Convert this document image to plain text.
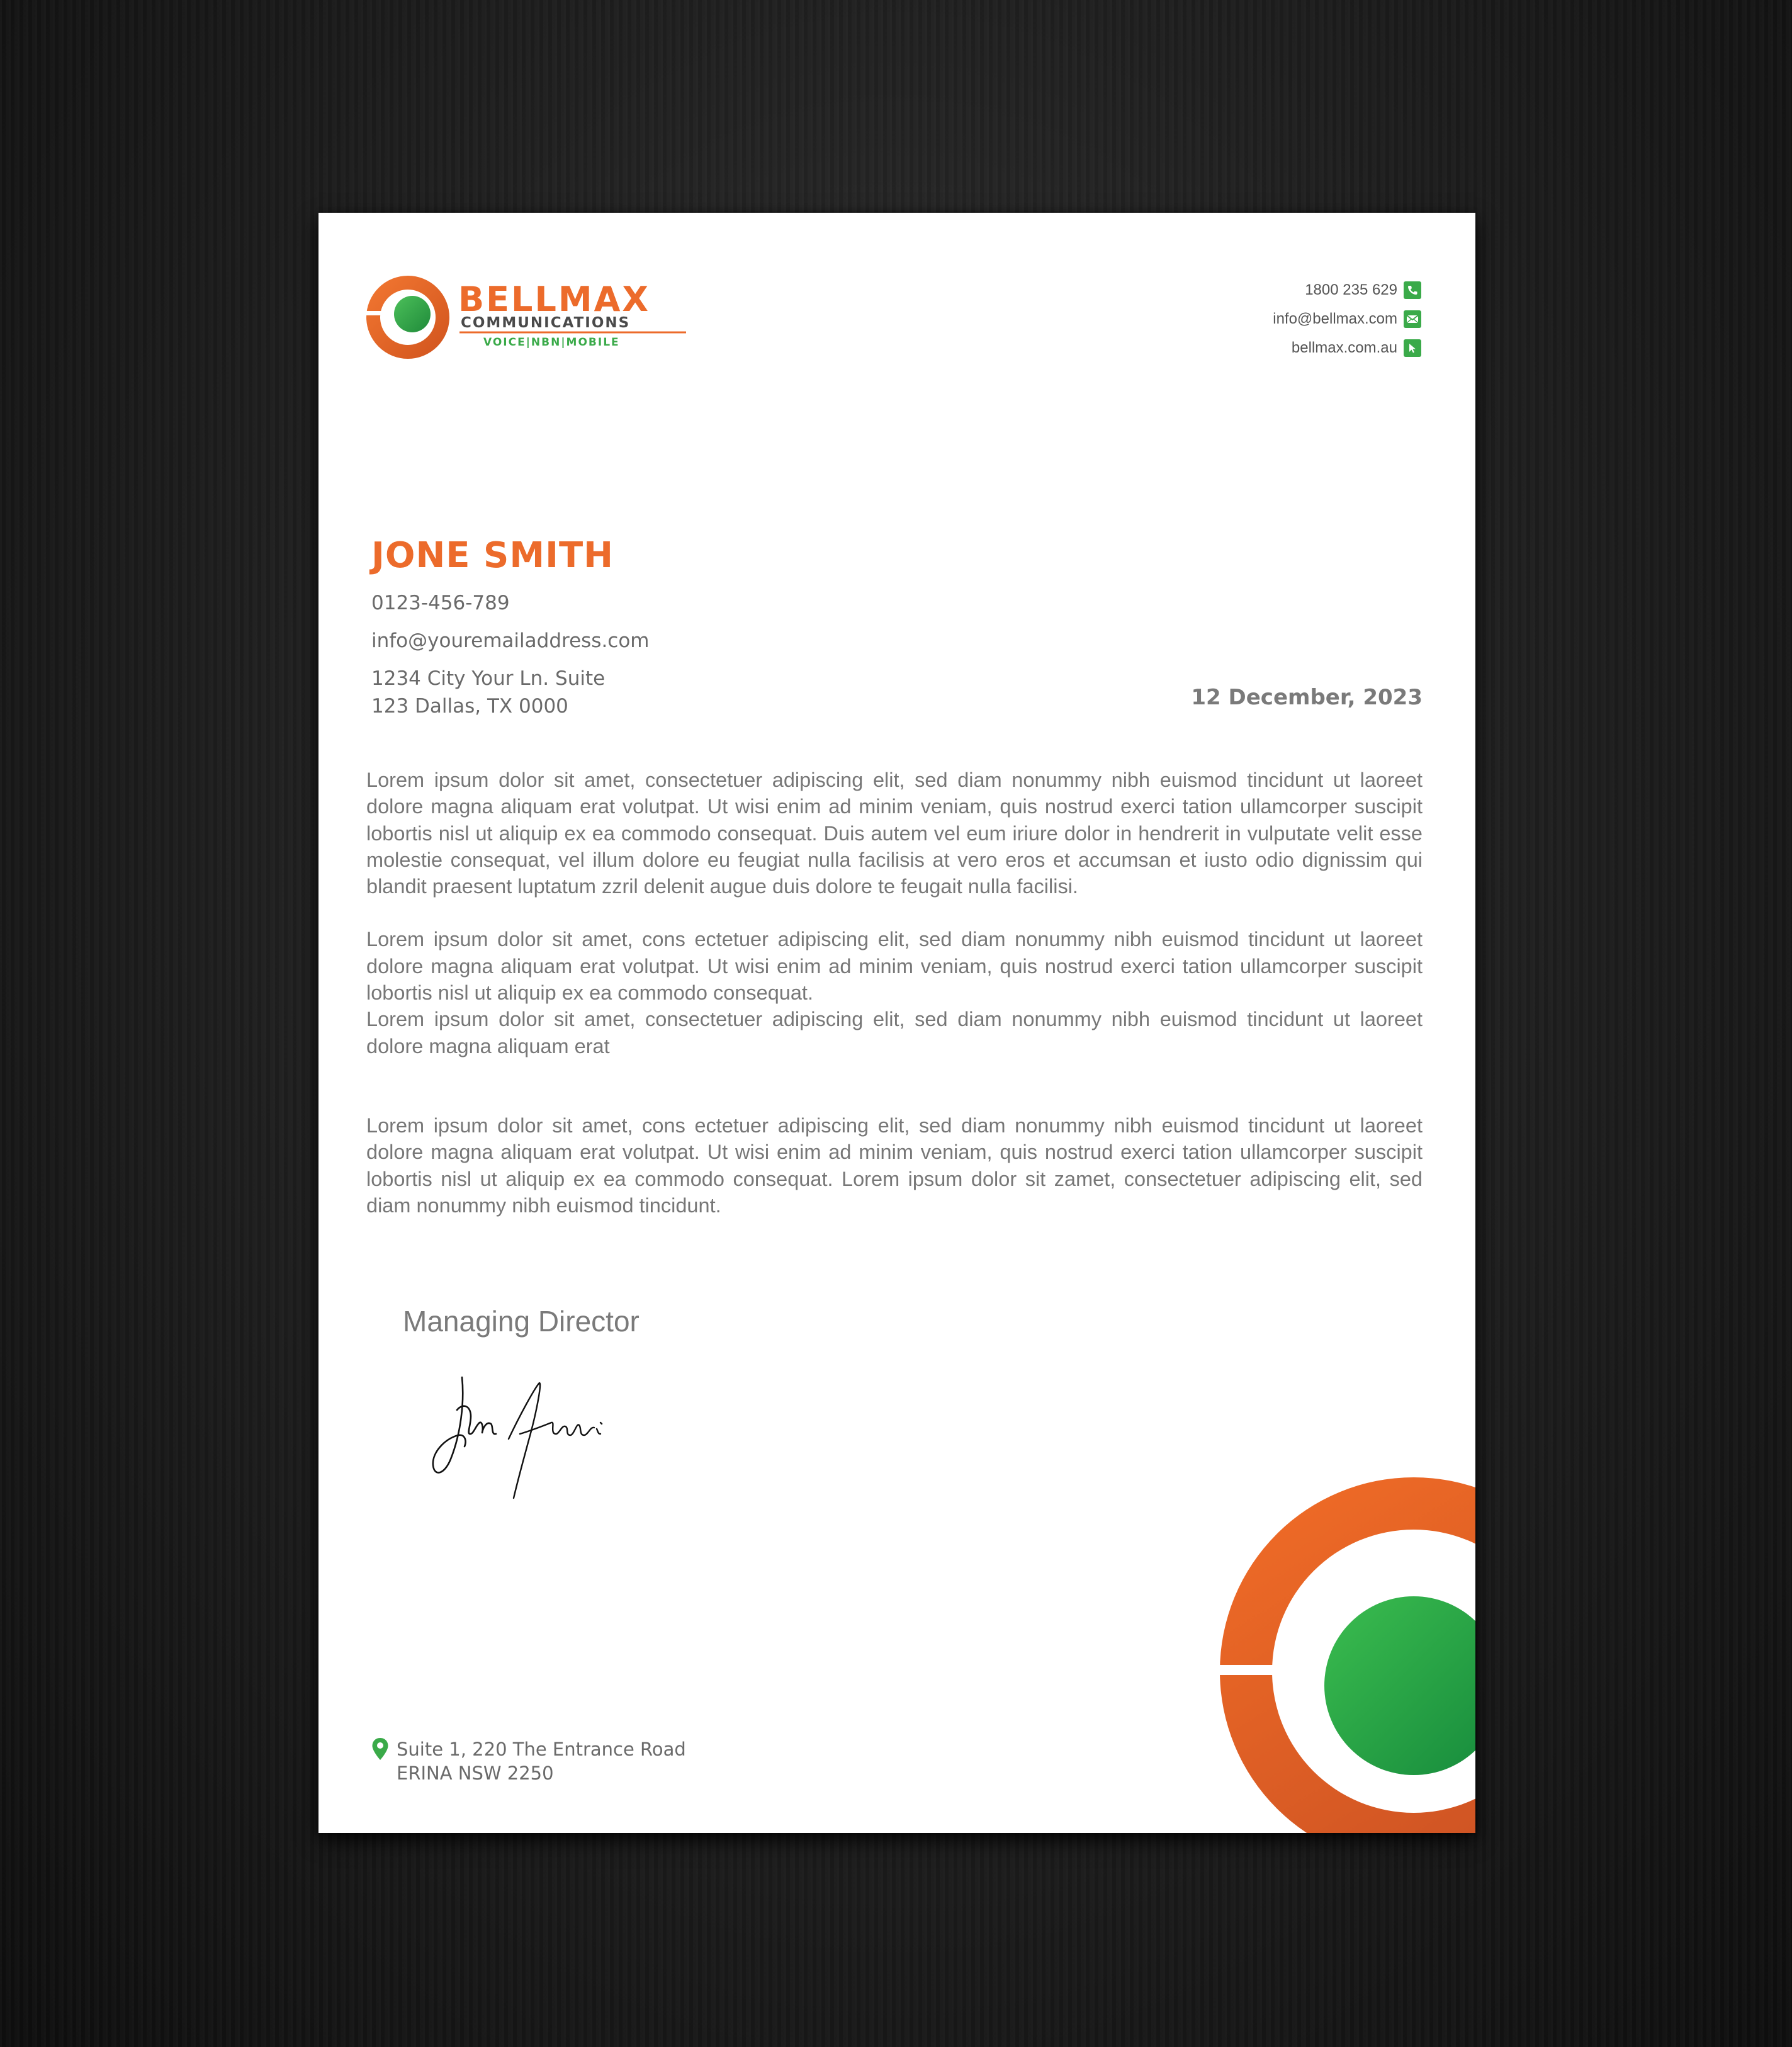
BELLMAX
COMMUNICATIONS
VOICE|NBN|MOBILE
1800 235 629
info@bellmax.com
bellmax.com.au
JONE SMITH
0123-456-789
info@youremailaddress.com
1234 City Your Ln. Suite
123 Dallas, TX 0000	12 December, 2023

Lorem ipsum dolor sit amet, consectetuer adipiscing elit, sed diam nonummy nibh euismod tincidunt ut laoreet dolore magna aliquam erat volutpat. Ut wisi enim ad minim veniam, quis nostrud exerci tation ullamcorper suscipit lobortis nisl ut aliquip ex ea commodo consequat. Duis autem vel eum iriure dolor in hendrerit in vulputate velit esse molestie consequat, vel illum dolore eu feugiat nulla facilisis at vero eros et accumsan et iusto odio dignissim qui blandit praesent luptatum zzril delenit augue duis dolore te feugait nulla facilisi.

Lorem ipsum dolor sit amet, cons ectetuer adipiscing elit, sed diam nonummy nibh euismod tincidunt ut laoreet dolore magna aliquam erat volutpat. Ut wisi enim ad minim veniam, quis nostrud exerci tation ullamcorper suscipit lobortis nisl ut aliquip ex ea commodo consequat.

Lorem ipsum dolor sit amet, consectetuer adipiscing elit, sed diam nonummy nibh euismod tincidunt ut laoreet dolore magna aliquam erat

Lorem ipsum dolor sit amet, cons ectetuer adipiscing elit, sed diam nonummy nibh euismod tincidunt ut laoreet dolore magna aliquam erat volutpat. Ut wisi enim ad minim veniam, quis nostrud exerci tation ullamcorper suscipit lobortis nisl ut aliquip ex ea commodo consequat. Lorem ipsum dolor sit zamet, consectetuer adipiscing elit, sed diam nonummy nibh euismod tincidunt.

Managing Director
Suite 1, 220 The Entrance Road
ERINA NSW 2250
